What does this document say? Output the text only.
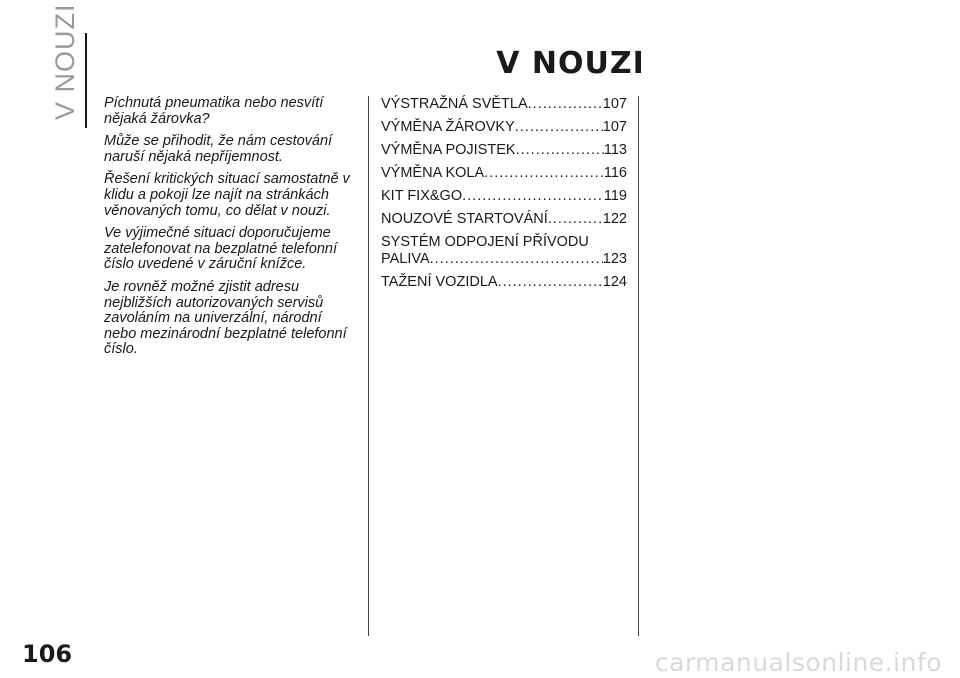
V NOUZI	V NOUZI

Píchnutá pneumatika nebo nesvítí nějaká žárovka?

Může se přihodit, že nám cestování naruší nějaká nepříjemnost.

Řešení kritických situací samostatně v klidu a pokoji lze najít na stránkách věnovaných tomu, co dělat v nouzi.

Ve výjimečné situaci doporučujeme zatelefonovat na bezplatné telefonní číslo uvedené v záruční knížce.

Je rovněž možné zjistit adresu nejbližších autorizovaných servisů zavoláním na univerzální, národní nebo mezinárodní bezplatné telefonní číslo.

VÝSTRAŽNÁ SVĚTLA .....	107
VÝMĚNA ŽÁROVKY .....	107
VÝMĚNA POJISTEK .....	113
VÝMĚNA KOLA .....	116
KIT FIX&GO .....	119
NOUZOVÉ STARTOVÁNÍ .....	122
SYSTÉM ODPOJENÍ PŘÍVODU
PALIVA .....	123
TAŽENÍ VOZIDLA .....	124
106	carmanualsonline.info
